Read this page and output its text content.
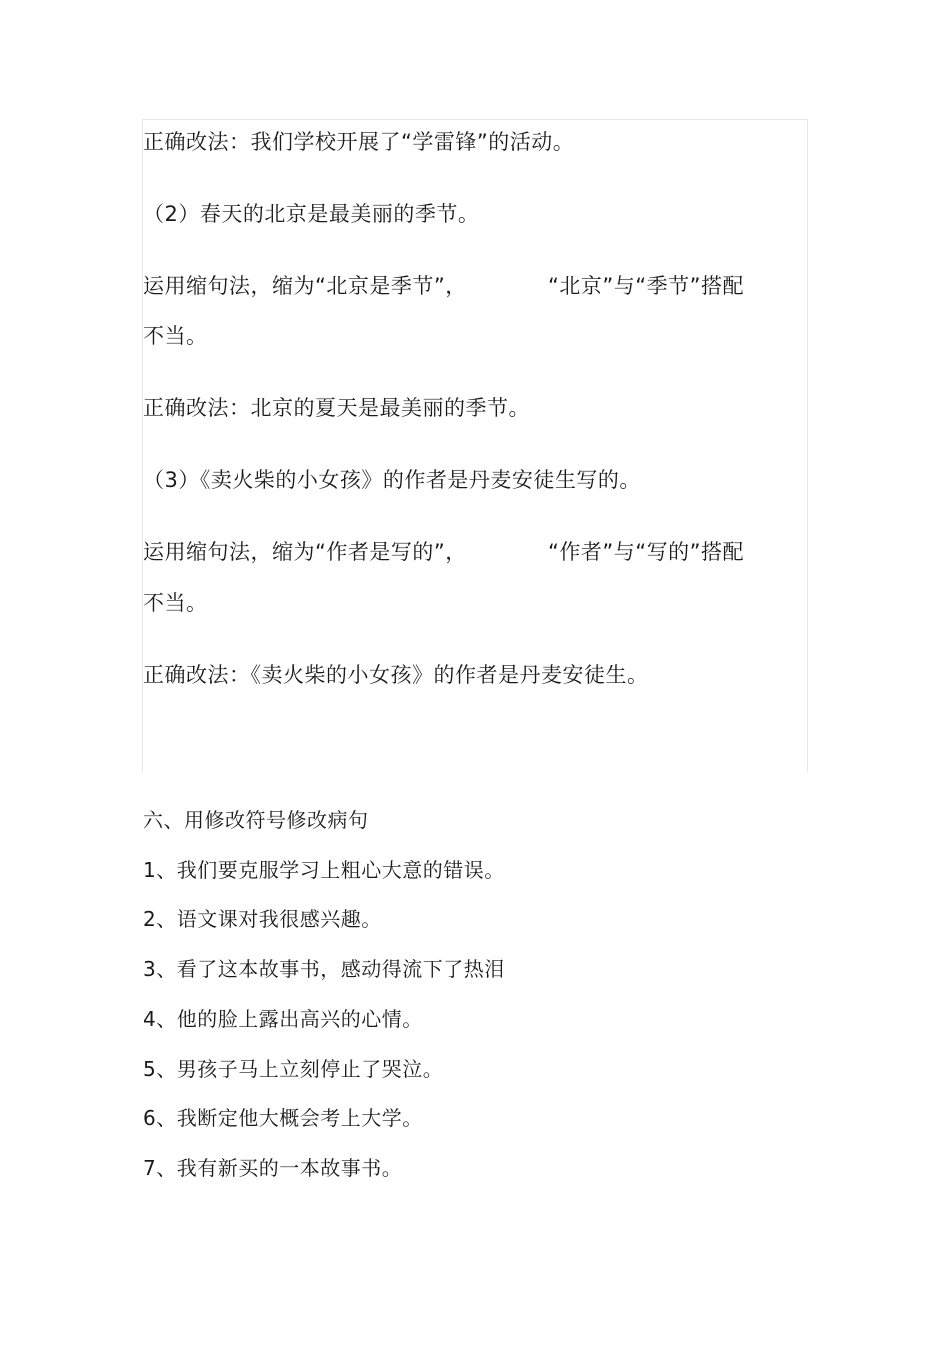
正确改法：我们学校开展了“学雷锋”的活动。
（2）春天的北京是最美丽的季节。
运用缩句法，缩为“北京是季节”，	“北京”与“季节”搭配
不当。
正确改法：北京的夏天是最美丽的季节。
（3）《卖火柴的小女孩》的作者是丹麦安徒生写的。
运用缩句法，缩为“作者是写的”，	“作者”与“写的”搭配
不当。
正确改法：《卖火柴的小女孩》的作者是丹麦安徒生。
六、用修改符号修改病句
1、我们要克服学习上粗心大意的错误。
2、语文课对我很感兴趣。
3、看了这本故事书，感动得流下了热泪
4、他的脸上露出高兴的心情。
5、男孩子马上立刻停止了哭泣。
6、我断定他大概会考上大学。
7、我有新买的一本故事书。
